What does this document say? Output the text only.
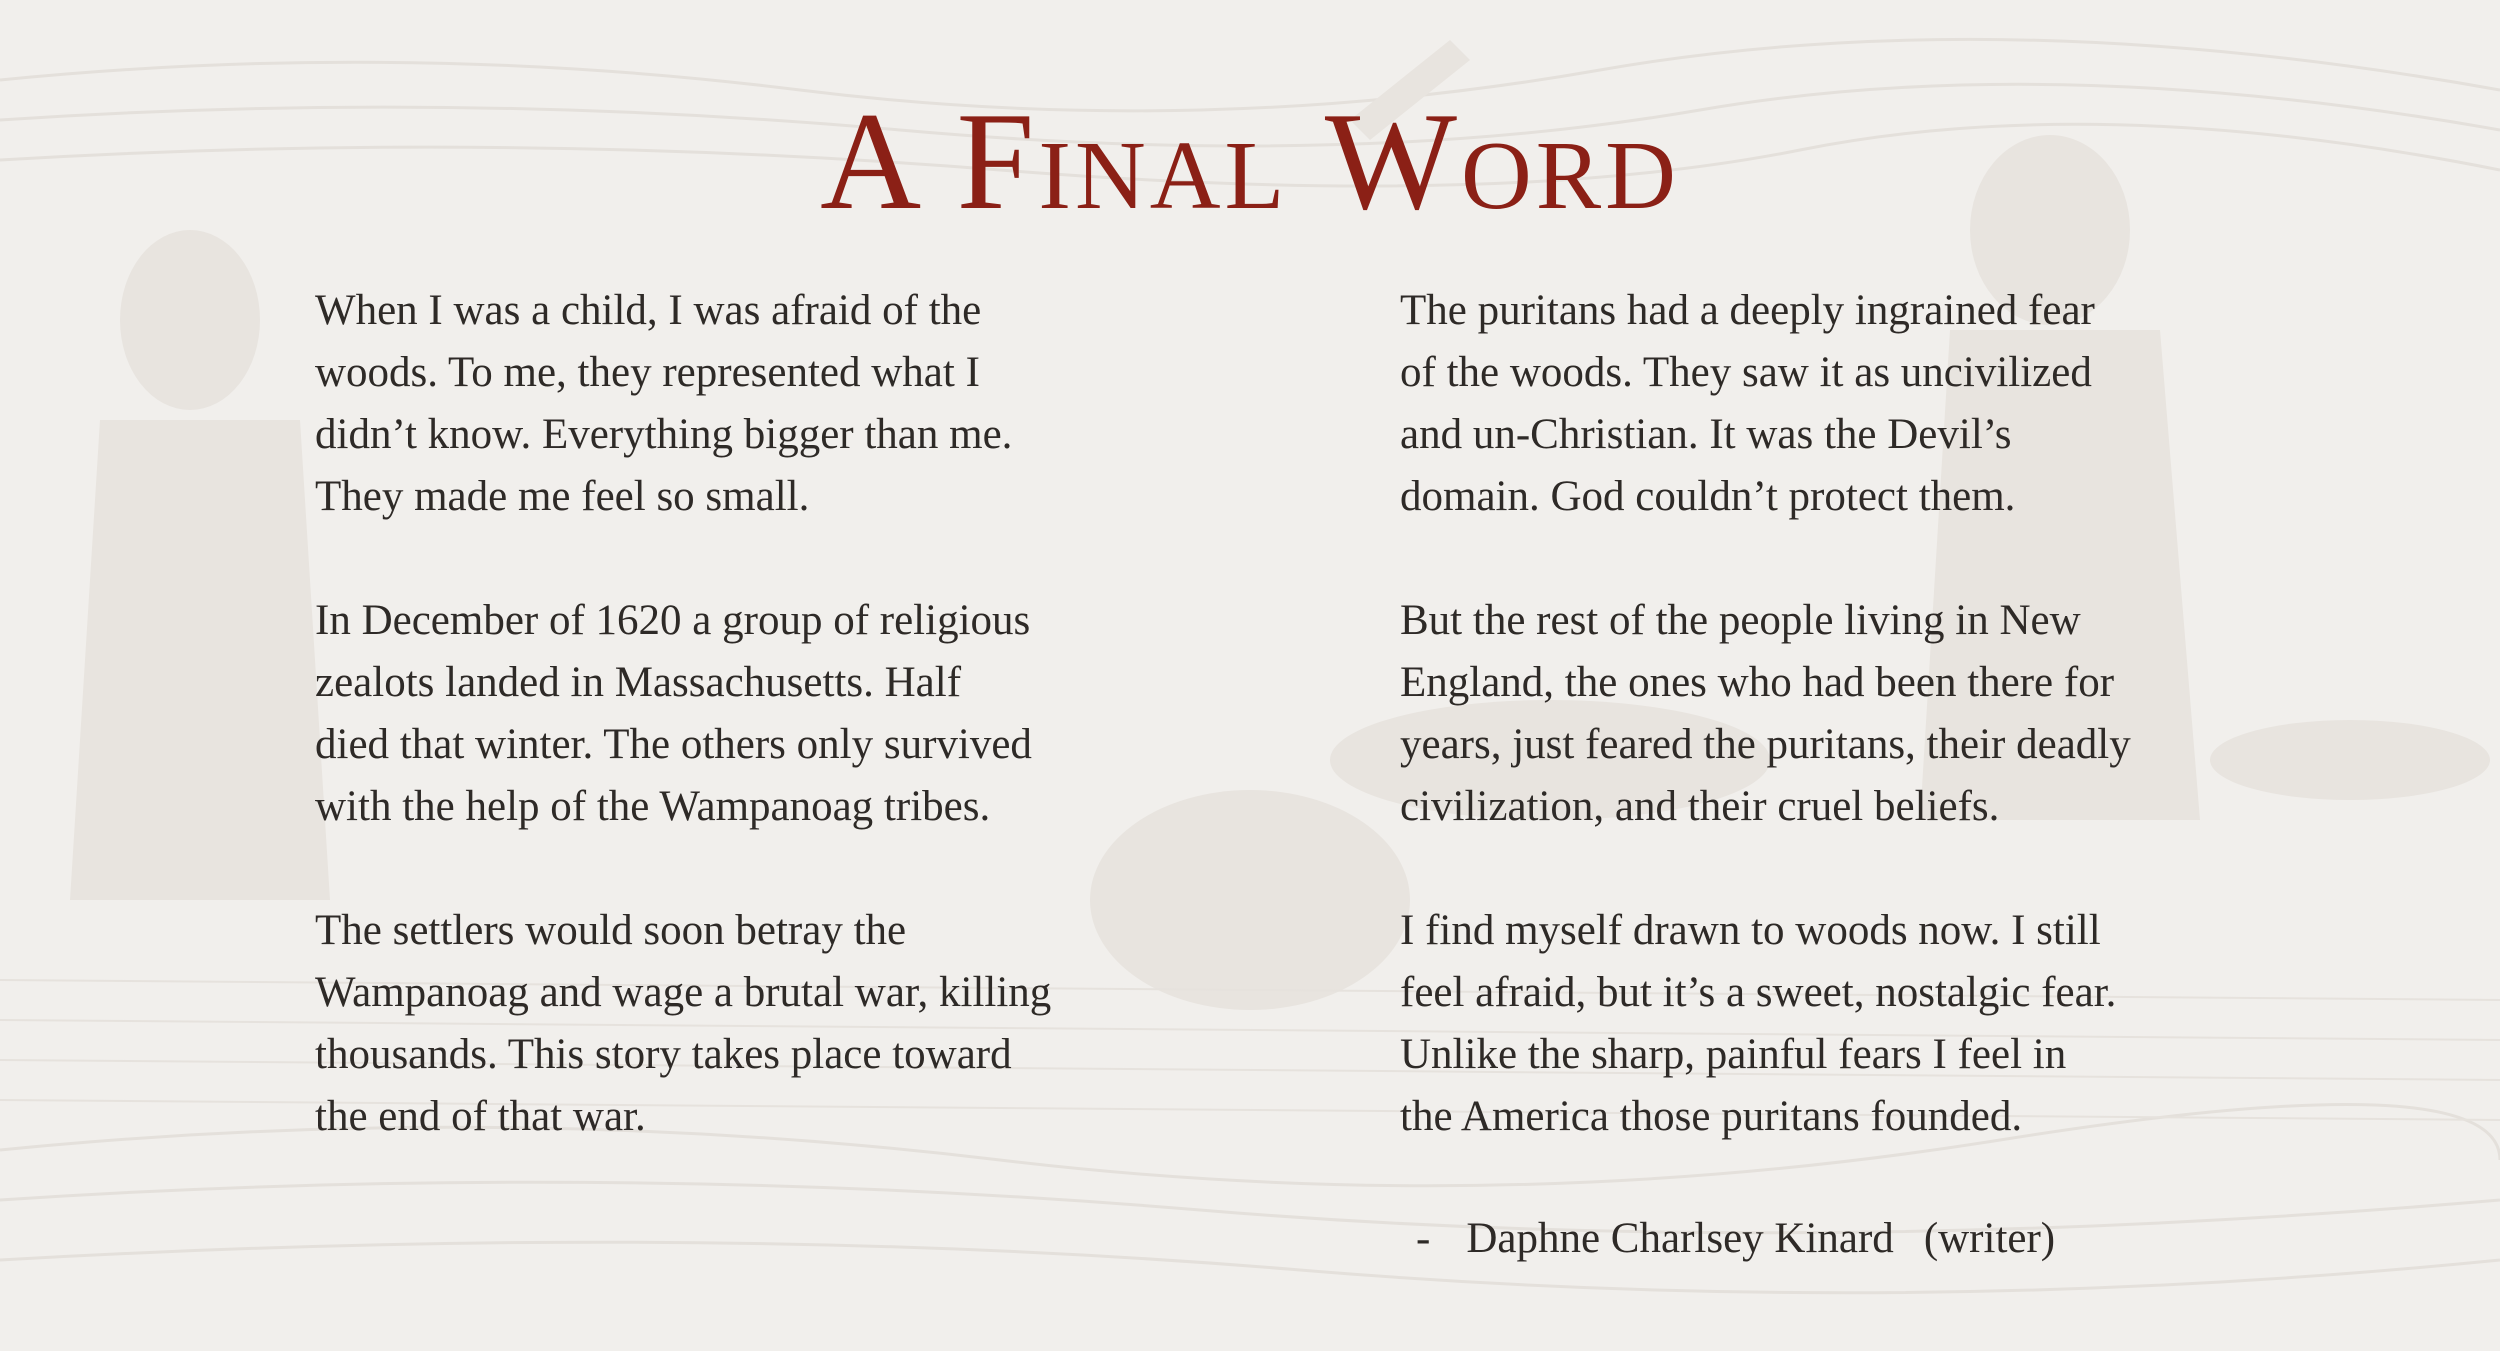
A Final Word

When I was a child, I was afraid of the
woods. To me, they represented what I
didn’t know. Everything bigger than me.
They made me feel so small.

In December of 1620 a group of religious
zealots landed in Massachusetts. Half
died that winter. The others only survived
with the help of the Wampanoag tribes.

The settlers would soon betray the
Wampanoag and wage a brutal war, killing
thousands. This story takes place toward
the end of that war.

The puritans had a deeply ingrained fear
of the woods. They saw it as uncivilized
and un-Christian. It was the Devil’s
domain. God couldn’t protect them.

But the rest of the people living in New
England, the ones who had been there for
years, just feared the puritans, their deadly
civilization, and their cruel beliefs.

I find myself drawn to woods now. I still
feel afraid, but it’s a sweet, nostalgic fear.
Unlike the sharp, painful fears I feel in
the America those puritans founded.

- Daphne Charlsey Kinard (writer)
